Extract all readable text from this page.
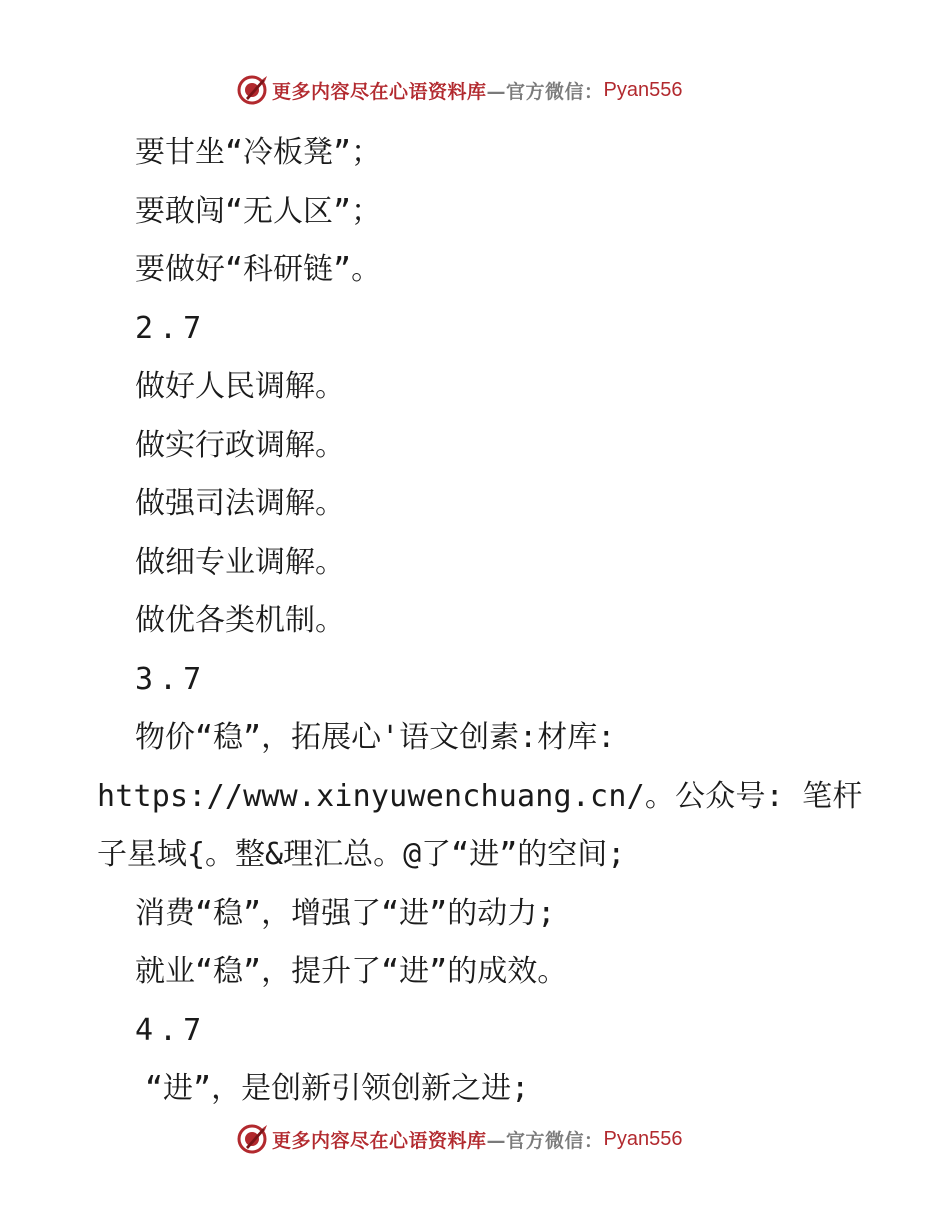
更多内容尽在心语资料库 —官方微信： Pyan556
要甘坐“冷板凳”；
要敢闯“无人区”；
要做好“科研链”。
2.7
做好人民调解。
做实行政调解。
做强司法调解。
做细专业调解。
做优各类机制。
3.7
物价“稳”，拓展心'语文创素:材库:
https://www.xinyuwenchuang.cn/。公众号: 笔杆
子星域{。整&理汇总。@了“进”的空间;
消费“稳”，增强了“进”的动力;
就业“稳”，提升了“进”的成效。
4.7
“进”，是创新引领创新之进;
更多内容尽在心语资料库 —官方微信： Pyan556
